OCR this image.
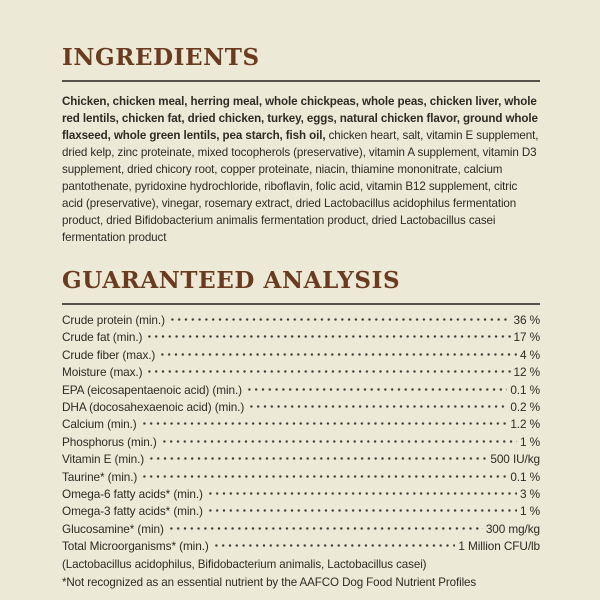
INGREDIENTS

Chicken, chicken meal, herring meal, whole chickpeas, whole peas, chicken liver, whole red lentils, chicken fat, dried chicken, turkey, eggs, natural chicken flavor, ground whole flaxseed, whole green lentils, pea starch, fish oil, chicken heart, salt, vitamin E supplement, dried kelp, zinc proteinate, mixed tocopherols (preservative), vitamin A supplement, vitamin D3 supplement, dried chicory root, copper proteinate, niacin, thiamine mononitrate, calcium pantothenate, pyridoxine hydrochloride, riboflavin, folic acid, vitamin B12 supplement, citric acid (preservative), vinegar, rosemary extract, dried Lactobacillus acidophilus fermentation product, dried Bifidobacterium animalis fermentation product, dried Lactobacillus casei fermentation product

GUARANTEED ANALYSIS
Crude protein (min.)	36 %
Crude fat (min.)	17 %
Crude fiber (max.)	4 %
Moisture (max.)	12 %
EPA (eicosapentaenoic acid) (min.)	0.1 %
DHA (docosahexaenoic acid) (min.)	0.2 %
Calcium (min.)	1.2 %
Phosphorus (min.)	1 %
Vitamin E (min.)	500 IU/kg
Taurine* (min.)	0.1 %
Omega-6 fatty acids* (min.)	3 %
Omega-3 fatty acids* (min.)	1 %
Glucosamine* (min)	300 mg/kg
Total Microorganisms* (min.)	1 Million CFU/lb

(Lactobacillus acidophilus, Bifidobacterium animalis, Lactobacillus casei)

*Not recognized as an essential nutrient by the AAFCO Dog Food Nutrient Profiles
